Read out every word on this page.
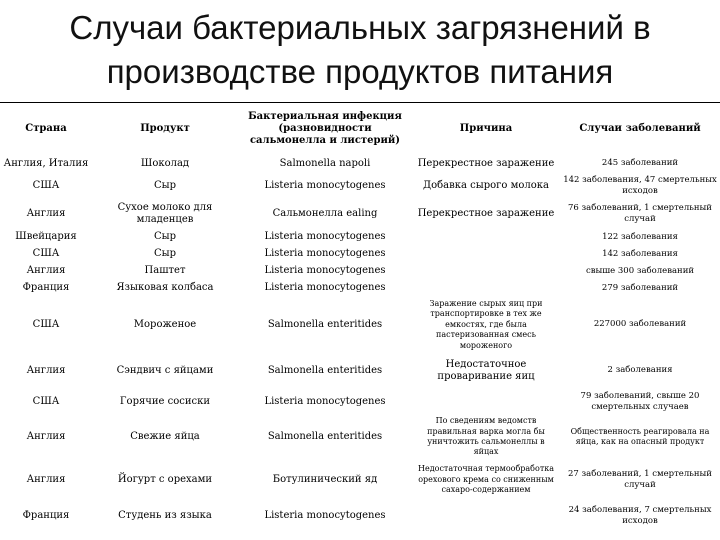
Случаи бактериальных загрязнений в
производстве продуктов питания
Страна	Продукт	Бактериальная инфекция (разновидности сальмонелла и листерий)	Причина	Случаи заболеваний
Англия, Италия	Шоколад	Salmonella napoli	Перекрестное заражение	245 заболеваний
США	Сыр	Listeria monocytogenes	Добавка сырого молока	142 заболевания, 47 смертельных исходов
Англия	Сухое молоко для младенцев	Сальмонелла ealing	Перекрестное заражение	76 заболеваний, 1 смертельный случай
Швейцария	Сыр	Listeria monocytogenes		122 заболевания
США	Сыр	Listeria monocytogenes		142 заболевания
Англия	Паштет	Listeria monocytogenes		свыше 300 заболеваний
Франция	Языковая колбаса	Listeria monocytogenes		279 заболеваний
США	Мороженое	Salmonella enteritides	Заражение сырых яиц при транспортировке в тех же емкостях, где была пастеризованная смесь мороженого	227000 заболеваний
Англия	Сэндвич с яйцами	Salmonella enteritides	Недостаточное проваривание яиц	2 заболевания
США	Горячие сосиски	Listeria monocytogenes		79 заболеваний, свыше 20 смертельных случаев
Англия	Свежие яйца	Salmonella enteritides	По сведениям ведомств правильная варка могла бы уничтожить сальмонеллы в яйцах	Общественность реагировала на яйца, как на опасный продукт
Англия	Йогурт с орехами	Ботулинический яд	Недостаточная термообработка орехового крема со сниженным сахаро-содержанием	27 заболеваний, 1 смертельный случай
Франция	Студень из языка	Listeria monocytogenes		24 заболевания, 7 смертельных исходов
